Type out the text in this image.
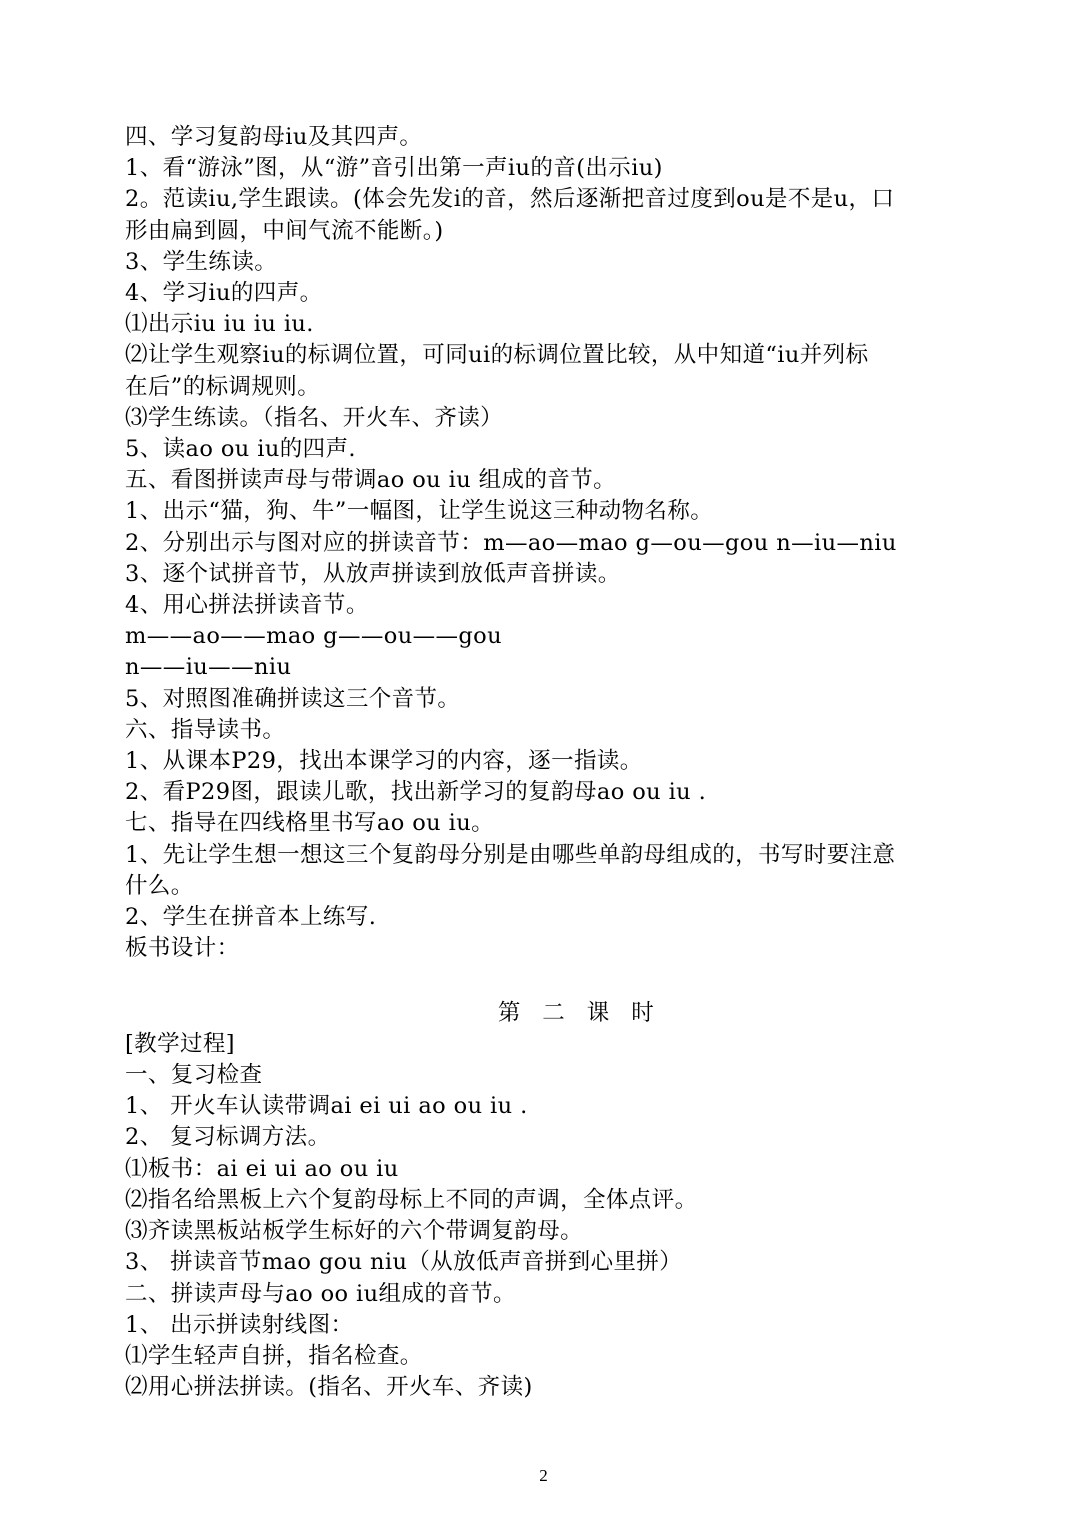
四、学习复韵母iu及其四声。

1、看“游泳”图，从“游”音引出第一声iu的音(出示iu)

2。范读iu,学生跟读。(体会先发i的音，然后逐渐把音过度到ou是不是u，口

形由扁到圆，中间气流不能断。)

3、学生练读。

4、学习iu的四声。

⑴出示iu iu iu iu.

⑵让学生观察iu的标调位置，可同ui的标调位置比较，从中知道“iu并列标

在后”的标调规则。

⑶学生练读。（指名、开火车、齐读）

5、读ao ou iu的四声.

五、看图拼读声母与带调ao ou iu 组成的音节。

1、出示“猫，狗、牛”一幅图，让学生说这三种动物名称。

2、分别出示与图对应的拼读音节：m—ao—mao g—ou—gou n—iu—niu

3、逐个试拼音节，从放声拼读到放低声音拼读。

4、用心拼法拼读音节。

m——ao——mao g——ou——gou

n——iu——niu

5、对照图准确拼读这三个音节。

六、指导读书。

1、从课本P29，找出本课学习的内容，逐一指读。

2、看P29图，跟读儿歌，找出新学习的复韵母ao ou iu .

七、指导在四线格里书写ao ou iu。

1、先让学生想一想这三个复韵母分别是由哪些单韵母组成的，书写时要注意

什么。

2、学生在拼音本上练写.

板书设计：

第 二 课 时

[教学过程]

一、复习检查

1、 开火车认读带调ai ei ui ao ou iu .

2、 复习标调方法。

⑴板书：ai ei ui ao ou iu

⑵指名给黑板上六个复韵母标上不同的声调，全体点评。

⑶齐读黑板站板学生标好的六个带调复韵母。

3、 拼读音节mao gou niu（从放低声音拼到心里拼）

二、拼读声母与ao oo iu组成的音节。

1、 出示拼读射线图：

⑴学生轻声自拼，指名检查。

⑵用心拼法拼读。(指名、开火车、齐读)

2
